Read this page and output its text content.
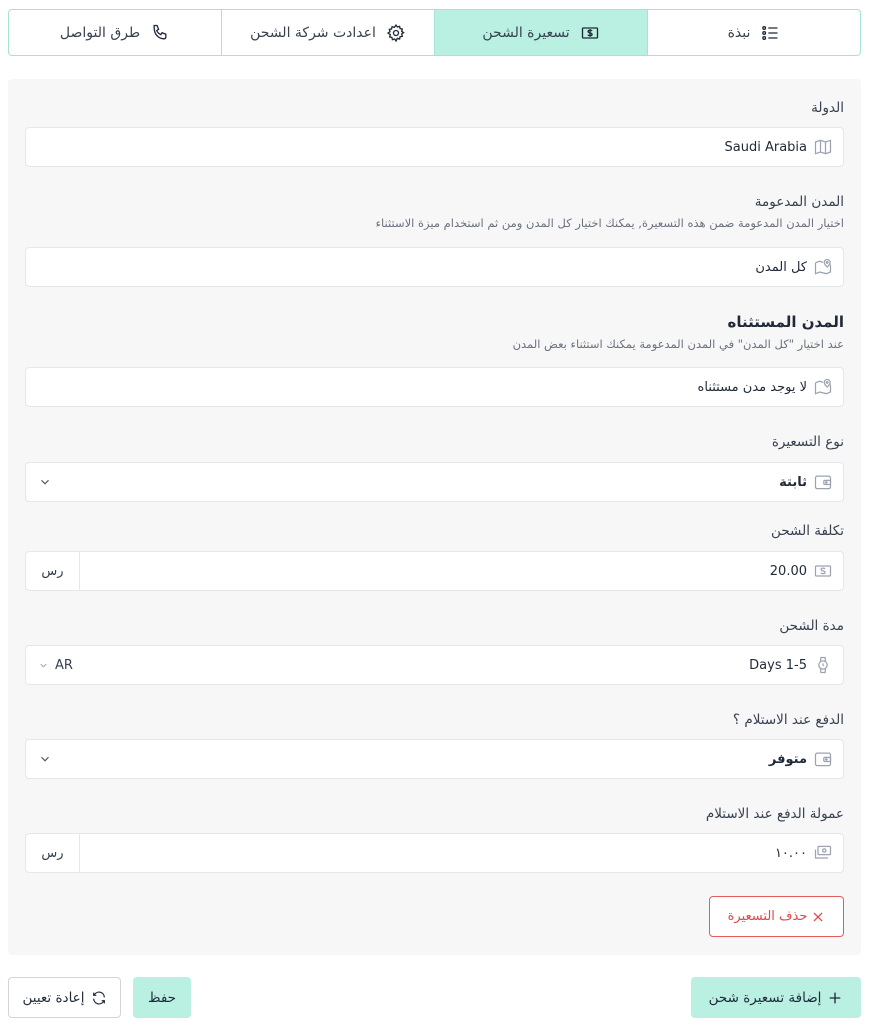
نبذة
تسعيرة الشحن
اعدادت شركة الشحن
طرق التواصل
الدولة
Saudi Arabia
المدن المدعومة
اختيار المدن المدعومة ضمن هذه التسعيرة, يمكنك اختيار كل المدن ومن ثم استخدام ميزة الاستثناء
كل المدن
المدن المستثناه
عند اختيار "كل المدن" في المدن المدعومة يمكنك استثناء بعض المدن
لا يوجد مدن مستثناه
نوع التسعيرة
ثابتة
تكلفة الشحن
20.00
رس
مدة الشحن
1-5 Days
AR
الدفع عند الاستلام ؟
متوفر
عمولة الدفع عند الاستلام
١٠.٠٠
رس
حذف التسعيرة
إضافة تسعيرة شحن
حفظ
إعادة تعيين
